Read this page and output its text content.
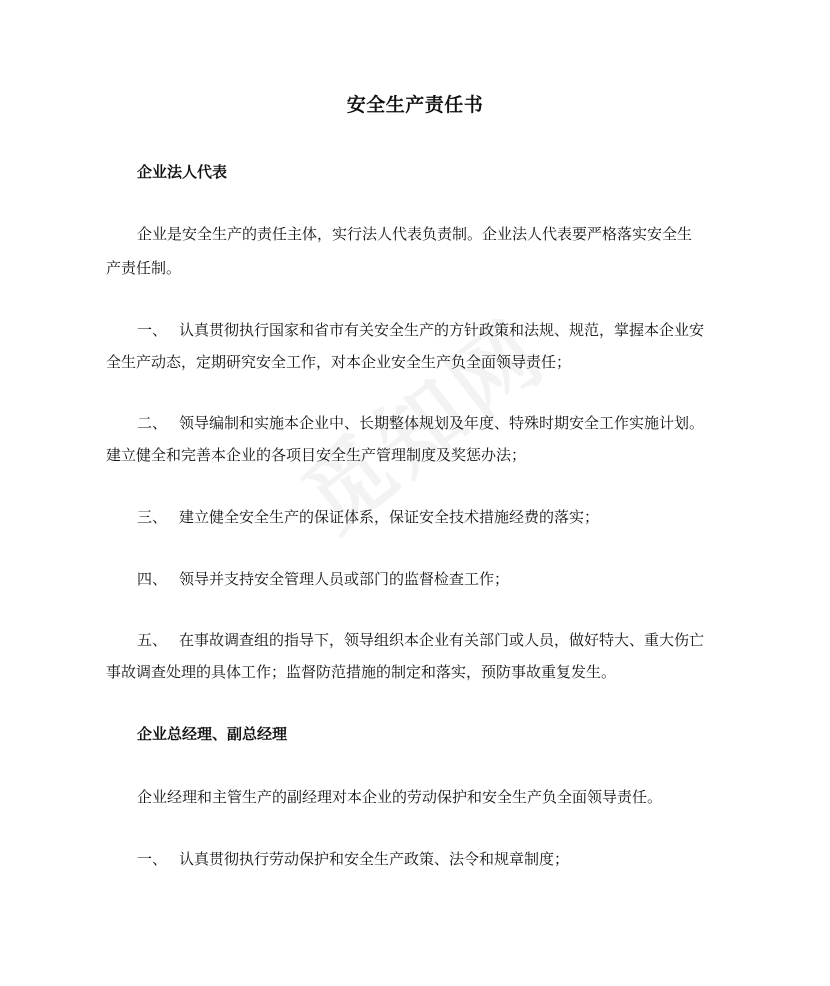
安全生产责任书
企业法人代表
企业是安全生产的责任主体，实行法人代表负责制。企业法人代表要严格落实安全生
产责任制。
一、 认真贯彻执行国家和省市有关安全生产的方针政策和法规、规范，掌握本企业安
全生产动态，定期研究安全工作，对本企业安全生产负全面领导责任；
二、 领导编制和实施本企业中、长期整体规划及年度、特殊时期安全工作实施计划。
建立健全和完善本企业的各项目安全生产管理制度及奖惩办法；
三、 建立健全安全生产的保证体系，保证安全技术措施经费的落实；
四、 领导并支持安全管理人员或部门的监督检查工作；
五、 在事故调查组的指导下，领导组织本企业有关部门或人员，做好特大、重大伤亡
事故调查处理的具体工作；监督防范措施的制定和落实，预防事故重复发生。
企业总经理、副总经理
企业经理和主管生产的副经理对本企业的劳动保护和安全生产负全面领导责任。
一、 认真贯彻执行劳动保护和安全生产政策、法令和规章制度；
